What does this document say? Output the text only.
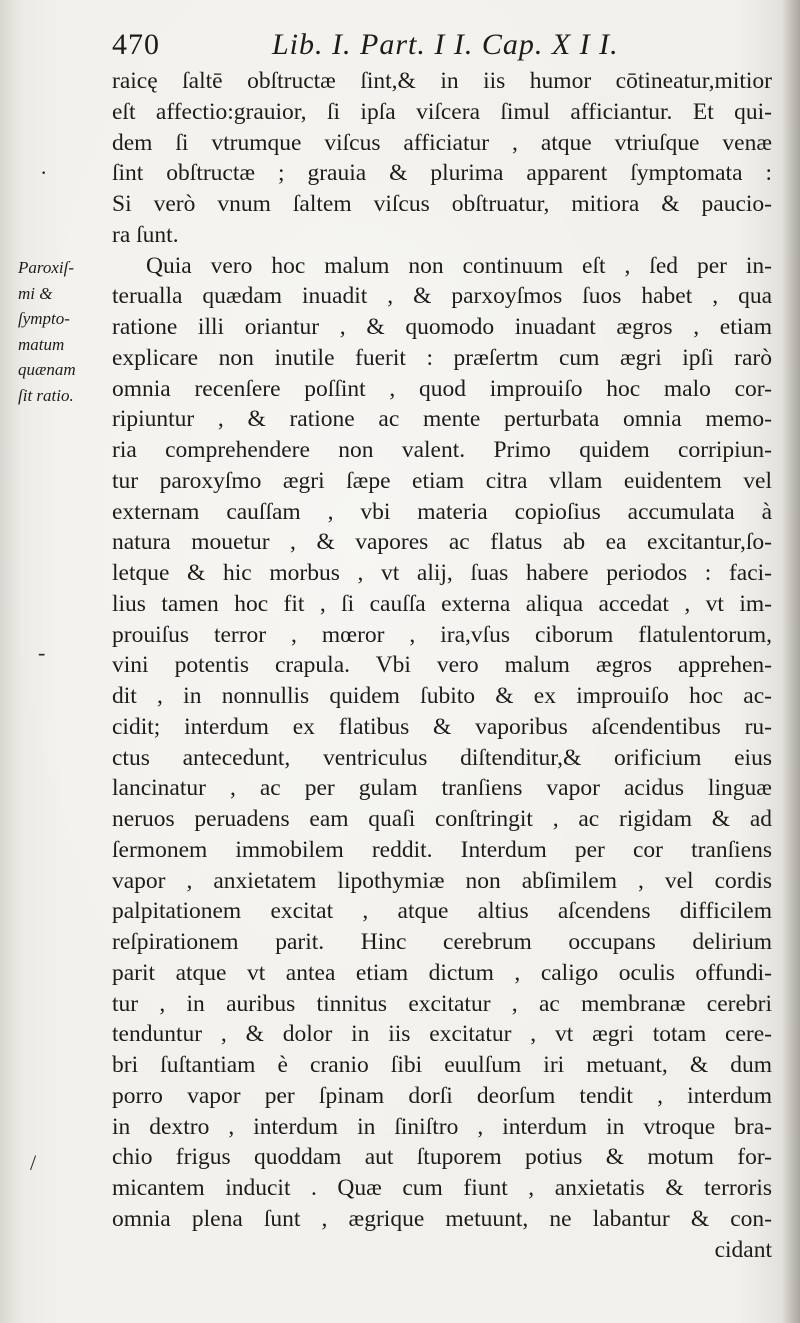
470	Lib. I. Part. I I. Cap. X I I.
Paroxiſ-
mi &
ſympto-
matum
quænam
ſit ratio.
·
-
/
raicę ſaltē obſtructæ ſint,& in iis humor cōtineatur,mitior
eſt affectio:grauior, ſi ipſa viſcera ſimul afficiantur. Et qui-
dem ſi vtrumque viſcus afficiatur , atque vtriuſque venæ
ſint obſtructæ ; grauia & plurima apparent ſymptomata :
Si verò vnum ſaltem viſcus obſtruatur, mitiora & paucio-
ra ſunt.
Quia vero hoc malum non continuum eſt , ſed per in-
terualla quædam inuadit , & parxoyſmos ſuos habet , qua
ratione illi oriantur , & quomodo inuadant ægros , etiam
explicare non inutile fuerit : præſertm cum ægri ipſi rarò
omnia recenſere poſſint , quod improuiſo hoc malo cor-
ripiuntur , & ratione ac mente perturbata omnia memo-
ria comprehendere non valent. Primo quidem corripiun-
tur paroxyſmo ægri ſæpe etiam citra vllam euidentem vel
externam cauſſam , vbi materia copioſius accumulata à
natura mouetur , & vapores ac flatus ab ea excitantur,ſo-
letque & hic morbus , vt alij, ſuas habere periodos : faci-
lius tamen hoc fit , ſi cauſſa externa aliqua accedat , vt im-
prouiſus terror , mœror , ira,vſus ciborum flatulentorum,
vini potentis crapula. Vbi vero malum ægros apprehen-
dit , in nonnullis quidem ſubito & ex improuiſo hoc ac-
cidit; interdum ex flatibus & vaporibus aſcendentibus ru-
ctus antecedunt, ventriculus diſtenditur,& orificium eius
lancinatur , ac per gulam tranſiens vapor acidus linguæ
neruos peruadens eam quaſi conſtringit , ac rigidam & ad
ſermonem immobilem reddit. Interdum per cor tranſiens
vapor , anxietatem lipothymiæ non abſimilem , vel cordis
palpitationem excitat , atque altius aſcendens difficilem
reſpirationem parit. Hinc cerebrum occupans delirium
parit atque vt antea etiam dictum , caligo oculis offundi-
tur , in auribus tinnitus excitatur , ac membranæ cerebri
tenduntur , & dolor in iis excitatur , vt ægri totam cere-
bri ſuſtantiam è cranio ſibi euulſum iri metuant, & dum
porro vapor per ſpinam dorſi deorſum tendit , interdum
in dextro , interdum in ſiniſtro , interdum in vtroque bra-
chio frigus quoddam aut ſtuporem potius & motum for-
micantem inducit . Quæ cum fiunt , anxietatis & terroris
omnia plena ſunt , ægrique metuunt, ne labantur & con-
cidant
